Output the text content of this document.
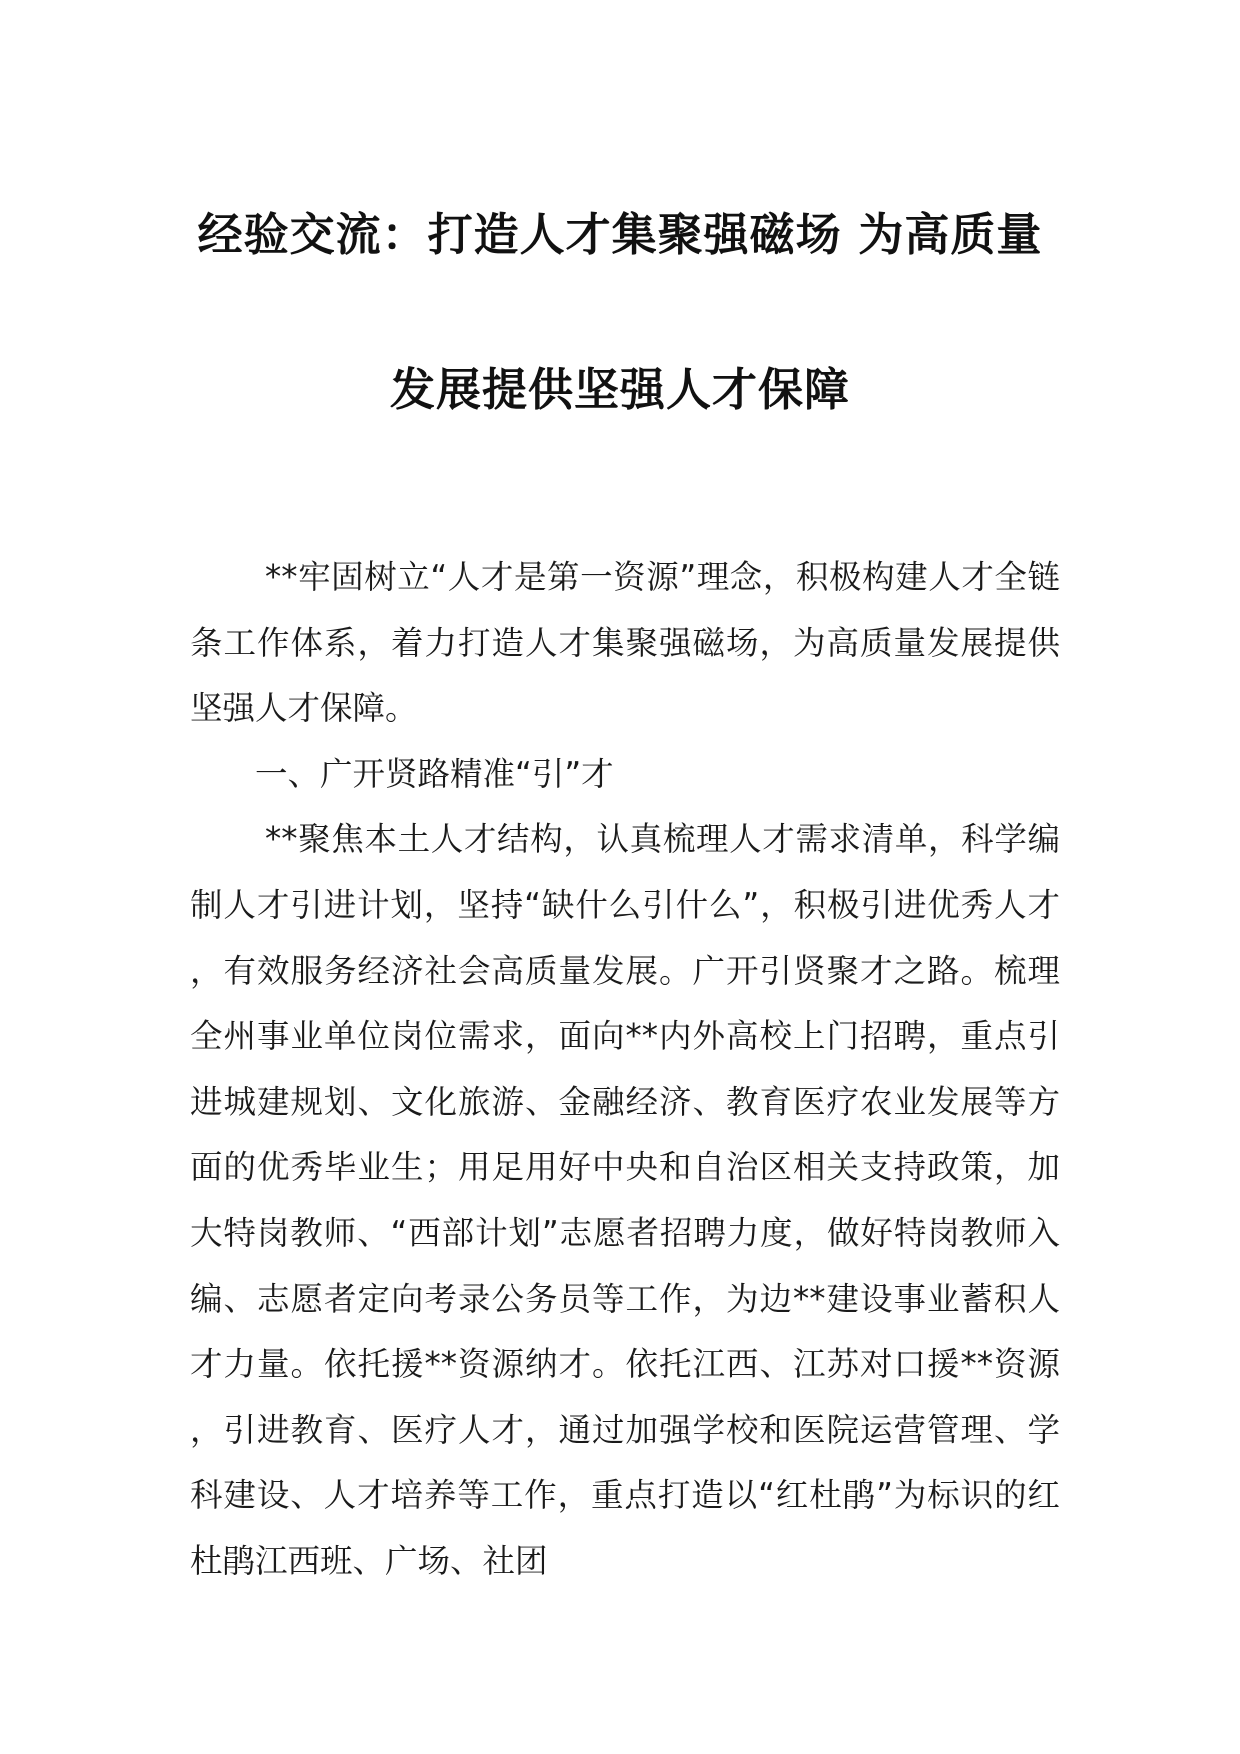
经验交流：打造人才集聚强磁场 为高质量
发展提供坚强人才保障

**牢固树立“人才是第一资源”理念，积极构建人才全链条工作体系，着力打造人才集聚强磁场，为高质量发展提供坚强人才保障。

一、广开贤路精准“引”才

**聚焦本土人才结构，认真梳理人才需求清单，科学编制人才引进计划，坚持“缺什么引什么”，积极引进优秀人才，有效服务经济社会高质量发展。广开引贤聚才之路。梳理全州事业单位岗位需求，面向**内外高校上门招聘，重点引进城建规划、文化旅游、金融经济、教育医疗农业发展等方面的优秀毕业生；用足用好中央和自治区相关支持政策，加大特岗教师、“西部计划”志愿者招聘力度，做好特岗教师入编、志愿者定向考录公务员等工作，为边**建设事业蓄积人才力量。依托援**资源纳才。依托江西、江苏对口援**资源，引进教育、医疗人才，通过加强学校和医院运营管理、学科建设、人才培养等工作，重点打造以“红杜鹃”为标识的红杜鹃江西班、广场、社团
